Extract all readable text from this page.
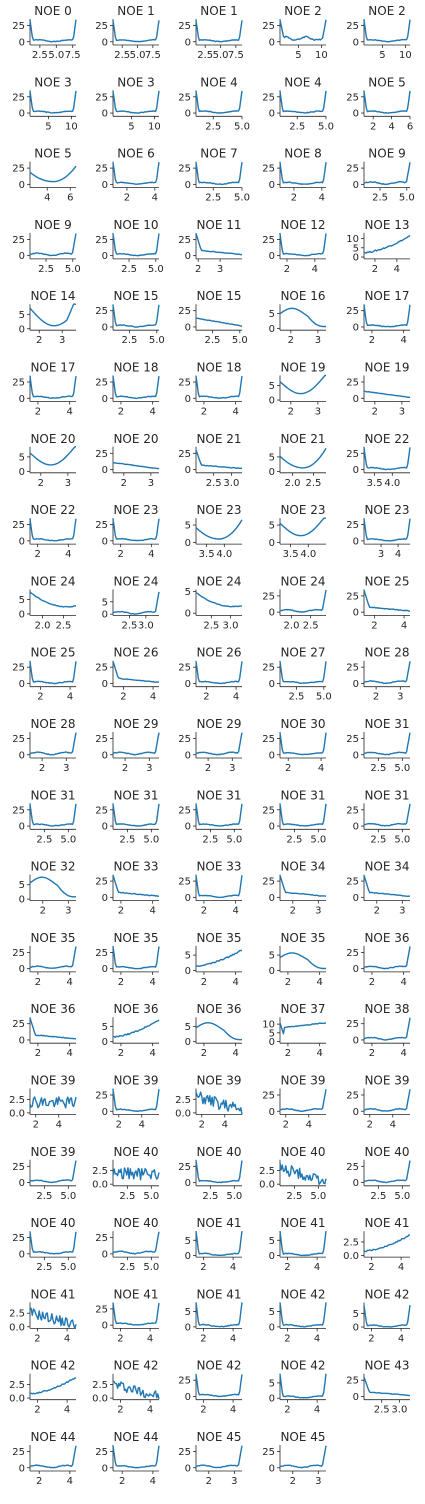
NOE 0
25
0
2.5 5.0 7.5
NOE 1
25
0
2.5 5.0 7.5
NOE 1
25
0
2.5 5.0 7.5
NOE 2
25
0
5 10
NOE 2
25
0
5 10
NOE 3
25
0
5 10
NOE 3
25
0
5 10
NOE 4
25
0
2.5 5.0
NOE 4
25
0
2.5 5.0
NOE 5
25
0
2 4 6
NOE 5
25
0
4 6
NOE 6
25
0
2 4
NOE 7
25
0
2.5 5.0
NOE 8
25
0
2 4
NOE 9
25
0
2.5 5.0
NOE 9
25
0
2.5 5.0
NOE 10
25
0
2.5 5.0
NOE 11
25
0
2 3
NOE 12
25
0
2 4
NOE 13
10
5
0
2 4
NOE 14
5
0
2 3
NOE 15
25
0
2.5 5.0
NOE 15
25
0
2.5 5.0
NOE 16
5
0
2 3
NOE 17
25
0
2	4
NOE 17
25
0
2	4
NOE 18
25
0
2	4
NOE 18
25
0
2	4
NOE 19
5
0
2 3
NOE 19
25
0
2 3
NOE 20
5
0
2 3
NOE 20
25
0
2 3
NOE 21
25
0
2.5 3.0
NOE 21
5
0
2.0 2.5
NOE 22
25
0
3.5 4.0
NOE 22
25
0
2 4
NOE 23
25
0
2 4
NOE 23
5
0
3.5 4.0
NOE 23
5
0
3.5 4.0
NOE 23
25
0
3 4
NOE 24
5
0
2.0 2.5
NOE 24
5
0
2.5 3.0
NOE 24
5
0
2.5 3.0
NOE 24
25
0
2.0 2.5
NOE 25
25
0
2 4
NOE 25
25
0
2 4
NOE 26
25
0
2 4
NOE 26
25
0
2 4
NOE 27
25
0
2.5 5.0
NOE 28
25
0
2 3
NOE 28
25
0
2 3
NOE 29
25
0
2 3
NOE 29
25
0
2 3
NOE 30
25
0
2	4
NOE 31
25
0
2.5 5.0
NOE 31
25
0
2.5 5.0
NOE 31
25
0
2.5 5.0
NOE 31
25
0
2.5 5.0
NOE 31
25
0
2.5 5.0
NOE 31
25
0
2.5 5.0
NOE 32
5
0
2 3
NOE 33
25
0
2	4
NOE 33
25
0
2	4
NOE 34
25
0
2 3
NOE 34
25
0
2 3
NOE 35
25
0
2	4
NOE 35
25
0
2	4
NOE 35
5
0
2	4
NOE 35
5
0
2	4
NOE 36
25
0
2	4
NOE 36
25
0
2	4
NOE 36
5
0
2	4
NOE 36
5
0
2	4
NOE 37
10
5
0
2	4
NOE 38
25
0
2	4
NOE 39
2.5
0.0
2 4
NOE 39
25
0
2 4
NOE 39
2.5
0.0
2 4
NOE 39
25
0
2 4
NOE 39
25
0
2 4
NOE 39
25
0
2.5 5.0
NOE 40
2.5
0.0
2.5 5.0
NOE 40
25
0
2.5 5.0
NOE 40
2.5
0.0
2.5 5.0
NOE 40
25
0
2.5 5.0
NOE 40
25
0
2.5 5.0
NOE 40
25
0
2.5 5.0
NOE 41
5
0
2 4
NOE 41
5
0
2 4
NOE 41
2.5
0.0
2 4
NOE 41
2.5
0.0
2 4
NOE 41
25
0
2 4
NOE 41
5
0
2 4
NOE 42
5
0
2 4
NOE 42
5
0
2 4
NOE 42
2.5
0.0
2 4
NOE 42
2.5
0.0
2 4
NOE 42
25
0
2 4
NOE 42
5
0
2 4
NOE 43
25
0
2.5 3.0
NOE 44
25
0
2 4
NOE 44
25
0
2 4
NOE 45
25
0
2 3
NOE 45
25
0
2 3
